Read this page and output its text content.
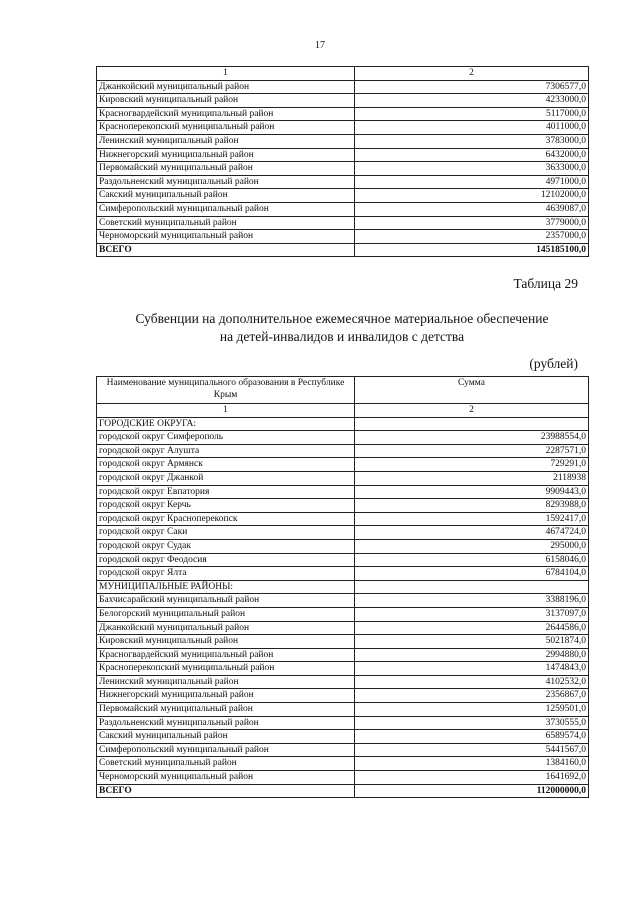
17
1	2
Джанкойский муниципальный район	7306577,0
Кировский муниципальный район	4233000,0
Красногвардейский муниципальный район	5117000,0
Красноперекопский муниципальный район	4011000,0
Ленинский муниципальный район	3783000,0
Нижнегорский муниципальный район	6432000,0
Первомайский муниципальный район	3633000,0
Раздольненский муниципальный район	4971000,0
Сакский муниципальный район	12102000,0
Симферопольский муниципальный район	4639087,0
Советский муниципальный район	3779000,0
Черноморский муниципальный район	2357000,0
ВСЕГО	145185100,0
Таблица 29
Субвенции на дополнительное ежемесячное материальное обеспечение
на детей-инвалидов и инвалидов с детства
(рублей)
Наименование муниципального образования в Республике Крым	Сумма
1	2
ГОРОДСКИЕ ОКРУГА:	
городской округ Симферополь	23988554,0
городской округ Алушта	2287571,0
городской округ Армянск	729291,0
городской округ Джанкой	2118938
городской округ Евпатория	9909443,0
городской округ Керчь	8293988,0
городской округ Красноперекопск	1592417,0
городской округ Саки	4674724,0
городской округ Судак	295000,0
городской округ Феодосия	6158046,0
городской округ Ялта	6784104,0
МУНИЦИПАЛЬНЫЕ РАЙОНЫ:	
Бахчисарайский муниципальный район	3388196,0
Белогорский муниципальный район	3137097,0
Джанкойский муниципальный район	2644586,0
Кировский муниципальный район	5021874,0
Красногвардейский муниципальный район	2994880,0
Красноперекопский муниципальный район	1474843,0
Ленинский муниципальный район	4102532,0
Нижнегорский муниципальный район	2356867,0
Первомайский муниципальный район	1259501,0
Раздольненский муниципальный район	3730555,0
Сакский муниципальный район	6589574,0
Симферопольский муниципальный район	5441567,0
Советский муниципальный район	1384160,0
Черноморский муниципальный район	1641692,0
ВСЕГО	112000000,0
